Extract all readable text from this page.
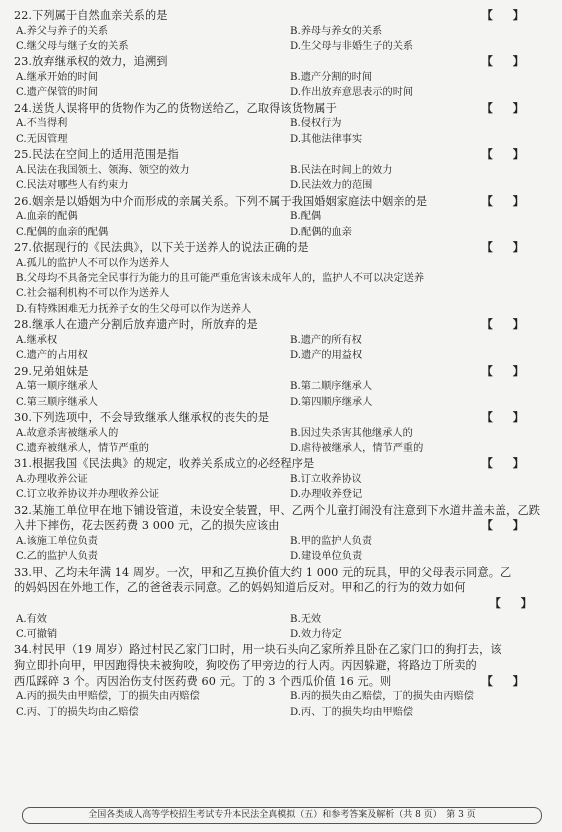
22.下列属于自然血亲关系的是	【】
A.养父与养子的关系	B.养母与养女的关系
C.继父母与继子女的关系	D.生父母与非婚生子的关系
23.放弃继承权的效力，追溯到	【】
A.继承开始的时间	B.遗产分割的时间
C.遗产保管的时间	D.作出放弃意思表示的时间
24.送货人误将甲的货物作为乙的货物送给乙，乙取得该货物属于	【】
A.不当得利	B.侵权行为
C.无因管理	D.其他法律事实
25.民法在空间上的适用范围是指	【】
A.民法在我国领土、领海、领空的效力	B.民法在时间上的效力
C.民法对哪些人有约束力	D.民法效力的范围
26.姻亲是以婚姻为中介而形成的亲属关系。下列不属于我国婚姻家庭法中姻亲的是	【】
A.血亲的配偶	B.配偶
C.配偶的血亲的配偶	D.配偶的血亲
27.依据现行的《民法典》，以下关于送养人的说法正确的是	【】
A.孤儿的监护人不可以作为送养人
B.父母均不具备完全民事行为能力的且可能严重危害该未成年人的，监护人不可以决定送养
C.社会福利机构不可以作为送养人
D.有特殊困难无力抚养子女的生父母可以作为送养人
28.继承人在遗产分割后放弃遗产时，所放弃的是	【】
A.继承权	B.遗产的所有权
C.遗产的占用权	D.遗产的用益权
29.兄弟姐妹是	【】
A.第一顺序继承人	B.第二顺序继承人
C.第三顺序继承人	D.第四顺序继承人
30.下列选项中，不会导致继承人继承权的丧失的是	【】
A.故意杀害被继承人的	B.因过失杀害其他继承人的
C.遗弃被继承人，情节严重的	D.虐待被继承人，情节严重的
31.根据我国《民法典》的规定，收养关系成立的必经程序是	【】
A.办理收养公证	B.订立收养协议
C.订立收养协议并办理收养公证	D.办理收养登记
32.某施工单位甲在地下铺设管道，未设安全装置，甲、乙两个儿童打闹没有注意到下水道井盖未盖，乙跌
入井下摔伤，花去医药费 3 000 元，乙的损失应该由	【】
A.该施工单位负责	B.甲的监护人负责
C.乙的监护人负责	D.建设单位负责
33.甲、乙均未年满 14 周岁。一次，甲和乙互换价值大约 1 000 元的玩具，甲的父母表示同意。乙
的妈妈因在外地工作，乙的爸爸表示同意。乙的妈妈知道后反对。甲和乙的行为的效力如何
【】
A.有效	B.无效
C.可撤销	D.效力待定
34.村民甲（19 周岁）路过村民乙家门口时，用一块石头向乙家所养且卧在乙家门口的狗打去，该
狗立即扑向甲，甲因跑得快未被狗咬，狗咬伤了甲旁边的行人丙。丙因躲避，将路边丁所卖的
西瓜踩碎 3 个。丙因治伤支付医药费 60 元。丁的 3 个西瓜价值 16 元。则	【】
A.丙的损失由甲赔偿，丁的损失由丙赔偿	B.丙的损失由乙赔偿，丁的损失由丙赔偿
C.丙、丁的损失均由乙赔偿	D.丙、丁的损失均由甲赔偿
全国各类成人高等学校招生考试专升本民法全真模拟（五）和参考答案及解析（共 8 页）　第 3 页
